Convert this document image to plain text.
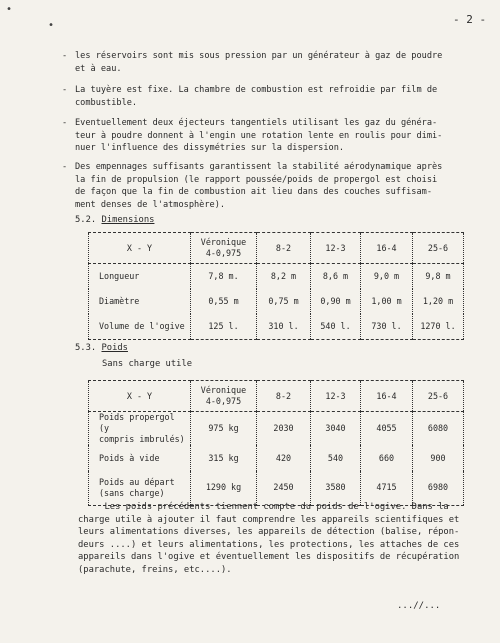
•
•	- 2 -
- les réservoirs sont mis sous pression par un générateur à gaz de poudre
et à eau.
- La tuyère est fixe. La chambre de combustion est refroidie par film de
combustible.
- Eventuellement deux éjecteurs tangentiels utilisant les gaz du généra-
teur à poudre donnent à l'engin une rotation lente en roulis pour dimi-
nuer l'influence des dissymétries sur la dispersion.
- Des empennages suffisants garantissent la stabilité aérodynamique après
la fin de propulsion (le rapport poussée/poids de propergol est choisi
de façon que la fin de combustion ait lieu dans des couches suffisam-
ment denses de l'atmosphère).
5.2. Dimensions
X - Y	Véronique
4-0,975	8-2	12-3	16-4	25-6
Longueur	7,8 m.	8,2 m	8,6 m	9,0 m	9,8 m
Diamètre	0,55 m	0,75 m	0,90 m	1,00 m	1,20 m
Volume de l'ogive	125 l.	310 l.	540 l.	730 l.	1270 l.
5.3. Poids
Sans charge utile
X - Y	Véronique
4-0,975	8-2	12-3	16-4	25-6
Poids propergol (y
compris imbrulés)	975 kg	2030	3040	4055	6080
Poids à vide	315 kg	420	540	660	900
Poids au départ
(sans charge)	1290 kg	2450	3580	4715	6980
Les poids précédents tiennent compte du poids de l'ogive. Dans la
charge utile à ajouter il faut comprendre les appareils scientifiques et
leurs alimentations diverses, les appareils de détection (balise, répon-
deurs ....) et leurs alimentations, les protections, les attaches de ces
appareils dans l'ogive et éventuellement les dispositifs de récupération
(parachute, freins, etc....).
...//...
